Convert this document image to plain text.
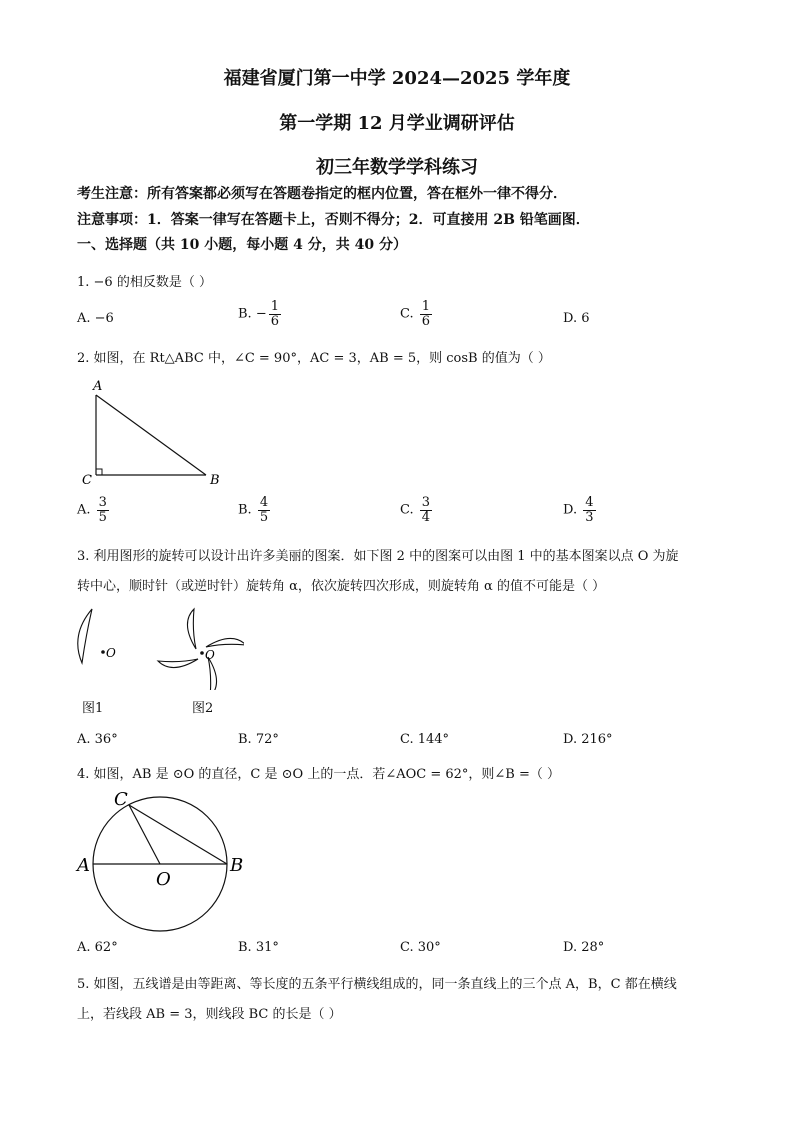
福建省厦门第一中学 2024—2025 学年度
第一学期 12 月学业调研评估
初三年数学学科练习
考生注意：所有答案都必须写在答题卷指定的框内位置，答在框外一律不得分．
注意事项：1．答案一律写在答题卡上，否则不得分；2．可直接用 2B 铅笔画图．
一、选择题（共 10 小题，每小题 4 分，共 40 分）
1. −6 的相反数是（ ）
A. −6	B. − $\frac{1}{6}$	C. $\frac{1}{6}$	D. 6
2. 如图，在 Rt△ABC 中，∠C = 90°，AC = 3，AB = 5，则 cosB 的值为（ ）
A
C	B
A. $\frac{3}{5}$	B. $\frac{4}{5}$	C. $\frac{3}{4}$	D. $\frac{4}{3}$
3. 利用图形的旋转可以设计出许多美丽的图案．如下图 2 中的图案可以由图 1 中的基本图案以点 O 为旋
转中心，顺时针（或逆时针）旋转角 α，依次旋转四次形成，则旋转角 α 的值不可能是（ ）
O	O
图1	图2
A. 36°	B. 72°	C. 144°	D. 216°
4. 如图，AB 是 ⊙O 的直径，C 是 ⊙O 上的一点．若∠AOC = 62°，则∠B =（ ）
A	B
C
O
A. 62°	B. 31°	C. 30°	D. 28°
5. 如图，五线谱是由等距离、等长度的五条平行横线组成的，同一条直线上的三个点 A，B，C 都在横线
上，若线段 AB = 3，则线段 BC 的长是（ ）
